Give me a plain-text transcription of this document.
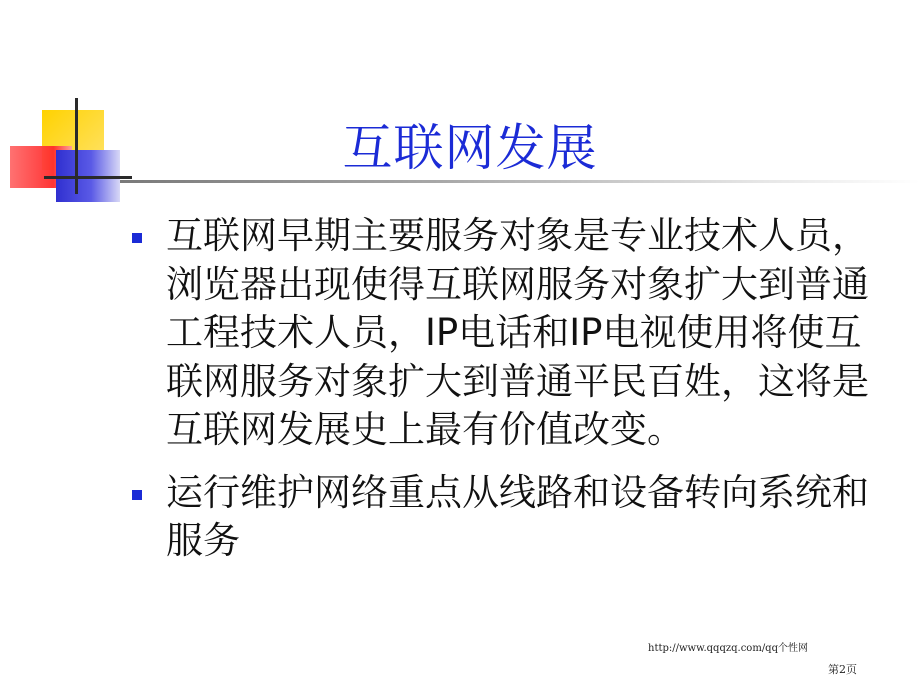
互联网发展

互联网早期主要服务对象是专业技术人员，浏览器出现使得互联网服务对象扩大到普通工程技术人员，IP电话和IP电视使用将使互联网服务对象扩大到普通平民百姓，这将是互联网发展史上最有价值改变。

运行维护网络重点从线路和设备转向系统和服务

http://www.qqqzq.com/qq个性网
第2页
